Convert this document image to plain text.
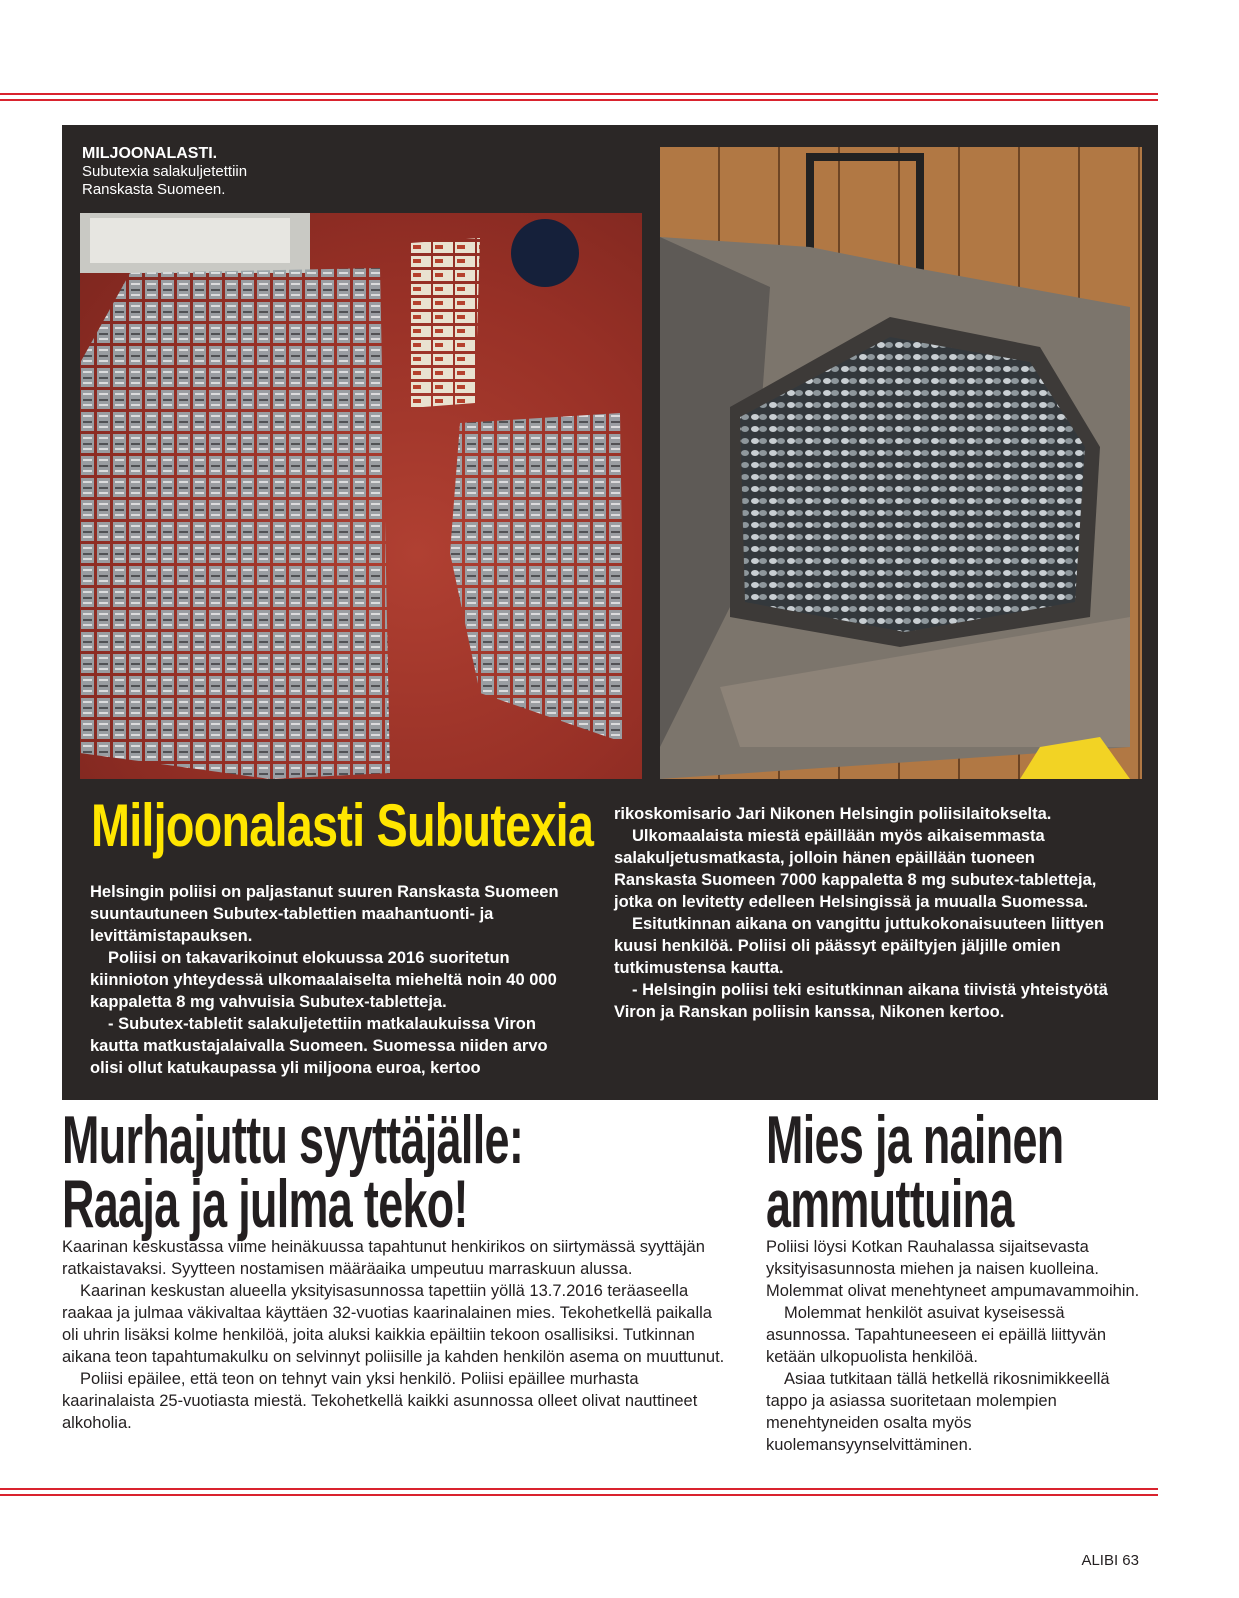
MILJOONALASTI.
Subutexia salakuljetettiin
Ranskasta Suomeen.
Miljoonalasti Subutexia

Helsingin poliisi on paljastanut suuren Ranskasta Suomeen suuntautuneen Subutex-tablettien maahantuonti- ja levittämistapauksen.

Poliisi on takavarikoinut elokuussa 2016 suoritetun kiinnioton yhteydessä ulkomaalaiselta mieheltä noin 40 000 kappaletta 8 mg vahvuisia Subutex-tabletteja.

- Subutex-tabletit salakuljetettiin matkalaukuissa Viron kautta matkustajalaivalla Suomeen. Suomessa niiden arvo olisi ollut katukaupassa yli miljoona euroa, kertoo

rikoskomisario Jari Nikonen Helsingin poliisilaitokselta.

Ulkomaalaista miestä epäillään myös aikaisemmasta salakuljetusmatkasta, jolloin hänen epäillään tuoneen Ranskasta Suomeen 7000 kappaletta 8 mg subutex-tabletteja, jotka on levitetty edelleen Helsingissä ja muualla Suomessa.

Esitutkinnan aikana on vangittu juttukokonaisuuteen liittyen kuusi henkilöä. Poliisi oli päässyt epäiltyjen jäljille omien tutkimustensa kautta.

- Helsingin poliisi teki esitutkinnan aikana tiivistä yhteistyötä Viron ja Ranskan poliisin kanssa, Nikonen kertoo.

Murhajuttu syyttäjälle:
Raaja ja julma teko!

Kaarinan keskustassa viime heinäkuussa tapahtunut henkirikos on siirtymässä syyttäjän ratkaistavaksi. Syytteen nostamisen määräaika umpeutuu marraskuun alussa.

Kaarinan keskustan alueella yksityisasunnossa tapettiin yöllä 13.7.2016 teräaseella raakaa ja julmaa väkivaltaa käyttäen 32-vuotias kaarinalainen mies. Tekohetkellä paikalla oli uhrin lisäksi kolme henkilöä, joita aluksi kaikkia epäiltiin tekoon osallisiksi. Tutkinnan aikana teon tapahtumakulku on selvinnyt poliisille ja kahden henkilön asema on muuttunut.

Poliisi epäilee, että teon on tehnyt vain yksi henkilö. Poliisi epäillee murhasta kaarinalaista 25-vuotiasta miestä. Tekohetkellä kaikki asunnossa olleet olivat nauttineet alkoholia.

Mies ja nainen
ammuttuina

Poliisi löysi Kotkan Rauhalassa sijaitsevasta yksityisasunnosta miehen ja naisen kuolleina. Molemmat olivat menehtyneet ampumavammoihin.

Molemmat henkilöt asuivat kyseisessä asunnossa. Tapahtuneeseen ei epäillä liittyvän ketään ulkopuolista henkilöä.

Asiaa tutkitaan tällä hetkellä rikosnimikkeellä tappo ja asiassa suoritetaan molempien menehtyneiden osalta myös kuolemansyynselvittäminen.

ALIBI 63
